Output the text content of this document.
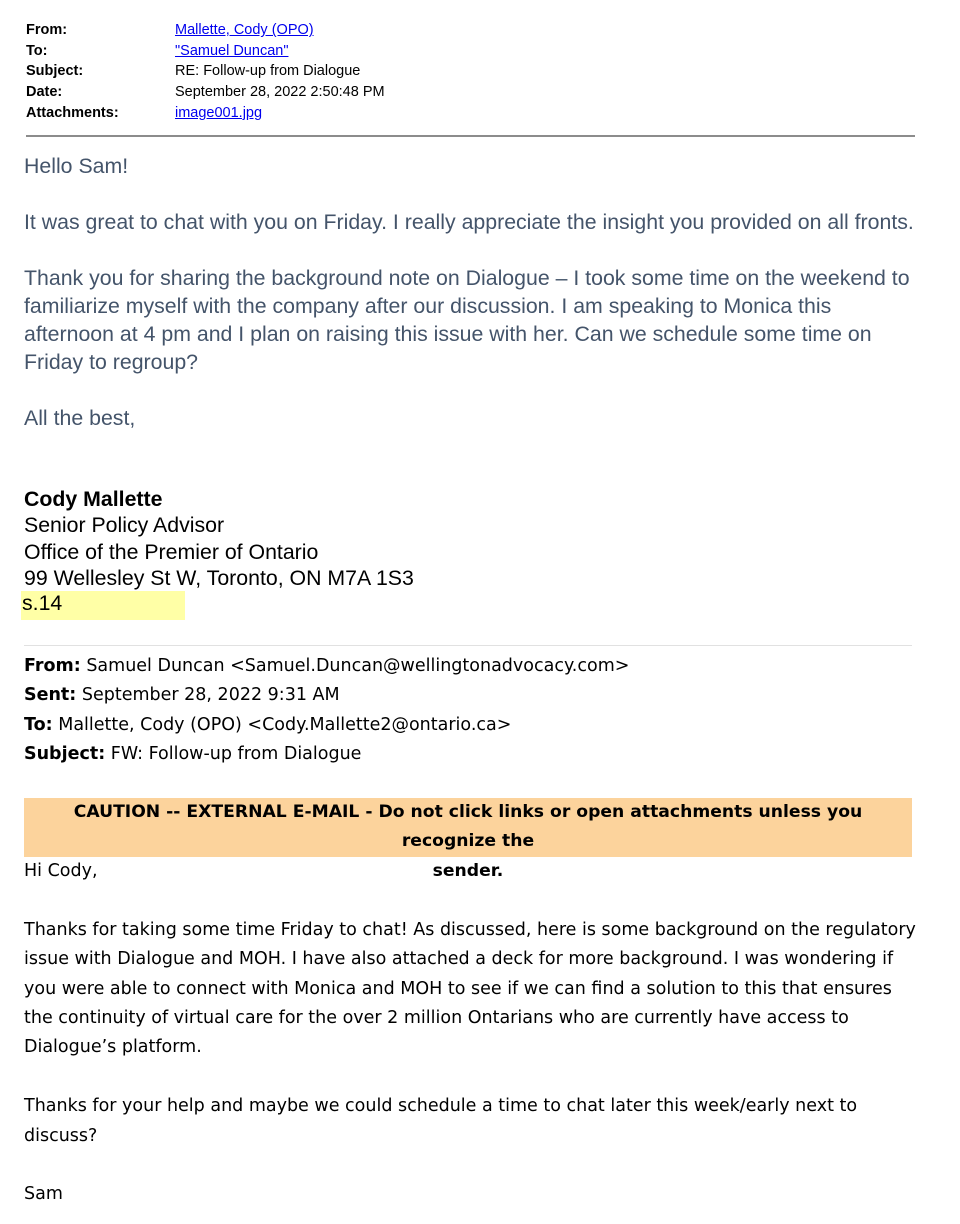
From:	Mallette, Cody (OPO)
To:	"Samuel Duncan"
Subject:	RE: Follow-up from Dialogue
Date:	September 28, 2022 2:50:48 PM
Attachments:	image001.jpg

Hello Sam!

It was great to chat with you on Friday. I really appreciate the insight you provided on all fronts.

Thank you for sharing the background note on Dialogue – I took some time on the weekend to familiarize myself with the company after our discussion. I am speaking to Monica this afternoon at 4 pm and I plan on raising this issue with her. Can we schedule some time on Friday to regroup?

All the best,

Cody Mallette

Senior Policy Advisor

Office of the Premier of Ontario

99 Wellesley St W, Toronto, ON M7A 1S3

s.14
From: Samuel Duncan <Samuel.Duncan@wellingtonadvocacy.com>
Sent: September 28, 2022 9:31 AM
To: Mallette, Cody (OPO) <Cody.Mallette2@ontario.ca>
Subject: FW: Follow-up from Dialogue
CAUTION -- EXTERNAL E-MAIL - Do not click links or open attachments unless you recognize the
sender.

Hi Cody,

Thanks for taking some time Friday to chat! As discussed, here is some background on the regulatory issue with Dialogue and MOH. I have also attached a deck for more background. I was wondering if you were able to connect with Monica and MOH to see if we can find a solution to this that ensures the continuity of virtual care for the over 2 million Ontarians who are currently have access to Dialogue’s platform.

Thanks for your help and maybe we could schedule a time to chat later this week/early next to discuss?

Sam
